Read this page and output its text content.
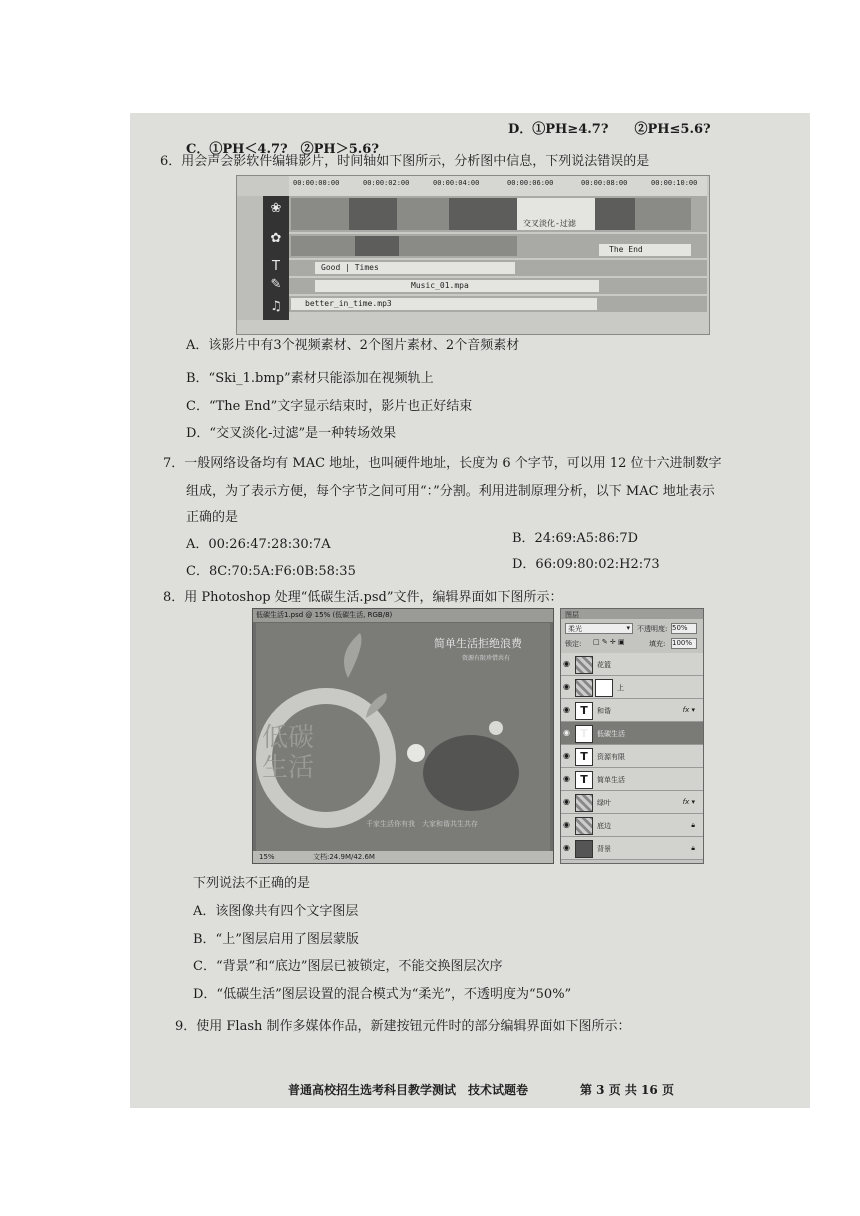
C．①PH＜4.7?　②PH＞5.6?
D．①PH≥4.7?　　②PH≤5.6?
6．用会声会影软件编辑影片，时间轴如下图所示，分析图中信息，下列说法错误的是
00:00:00:00	00:00:02:00	00:00:04:00	00:00:06:00	00:00:08:00	00:00:10:00
❀
✿
T
✎
♫
交叉淡化-过滤
The End
Good | Times
Music_01.mpa
better_in_time.mp3
A．该影片中有3个视频素材、2个图片素材、2个音频素材
B．“Ski_1.bmp”素材只能添加在视频轨上
C．“The End”文字显示结束时，影片也正好结束
D．“交叉淡化-过滤”是一种转场效果
7．一般网络设备均有 MAC 地址，也叫硬件地址，长度为 6 个字节，可以用 12 位十六进制数字
组成，为了表示方便，每个字节之间可用“：”分割。利用进制原理分析，以下 MAC 地址表示
正确的是
A．00:26:47:28:30:7A	B．24:69:A5:86:7D
C．8C:70:5A:F6:0B:58:35	D．66:09:80:02:H2:73
8．用 Photoshop 处理“低碳生活.psd”文件，编辑界面如下图所示：
低碳生活1.psd @ 15% (低碳生活, RGB/8)
简单生活拒绝浪费
资源有限珍惜共有
低碳生活
千家生活你有我　大家和谐共生共存
15%	文档:24.9M/42.6M
图层
柔光	▾ 不透明度: 50%
锁定: □ ✎ ✛ ▣	填充: 100%
◉	花篮
◉	上
◉ T	和谐	fx ▾
◉ T	低碳生活
◉ T	资源有限
◉ T	简单生活
◉	绿叶	fx ▾
◉	底边	🔒︎
◉	背景	🔒︎
下列说法不正确的是
A．该图像共有四个文字图层
B．“上”图层启用了图层蒙版
C．“背景”和“底边”图层已被锁定，不能交换图层次序
D．“低碳生活”图层设置的混合模式为“柔光”，不透明度为“50%”
9．使用 Flash 制作多媒体作品，新建按钮元件时的部分编辑界面如下图所示：
普通高校招生选考科目教学测试　技术试题卷	第 3 页 共 16 页
